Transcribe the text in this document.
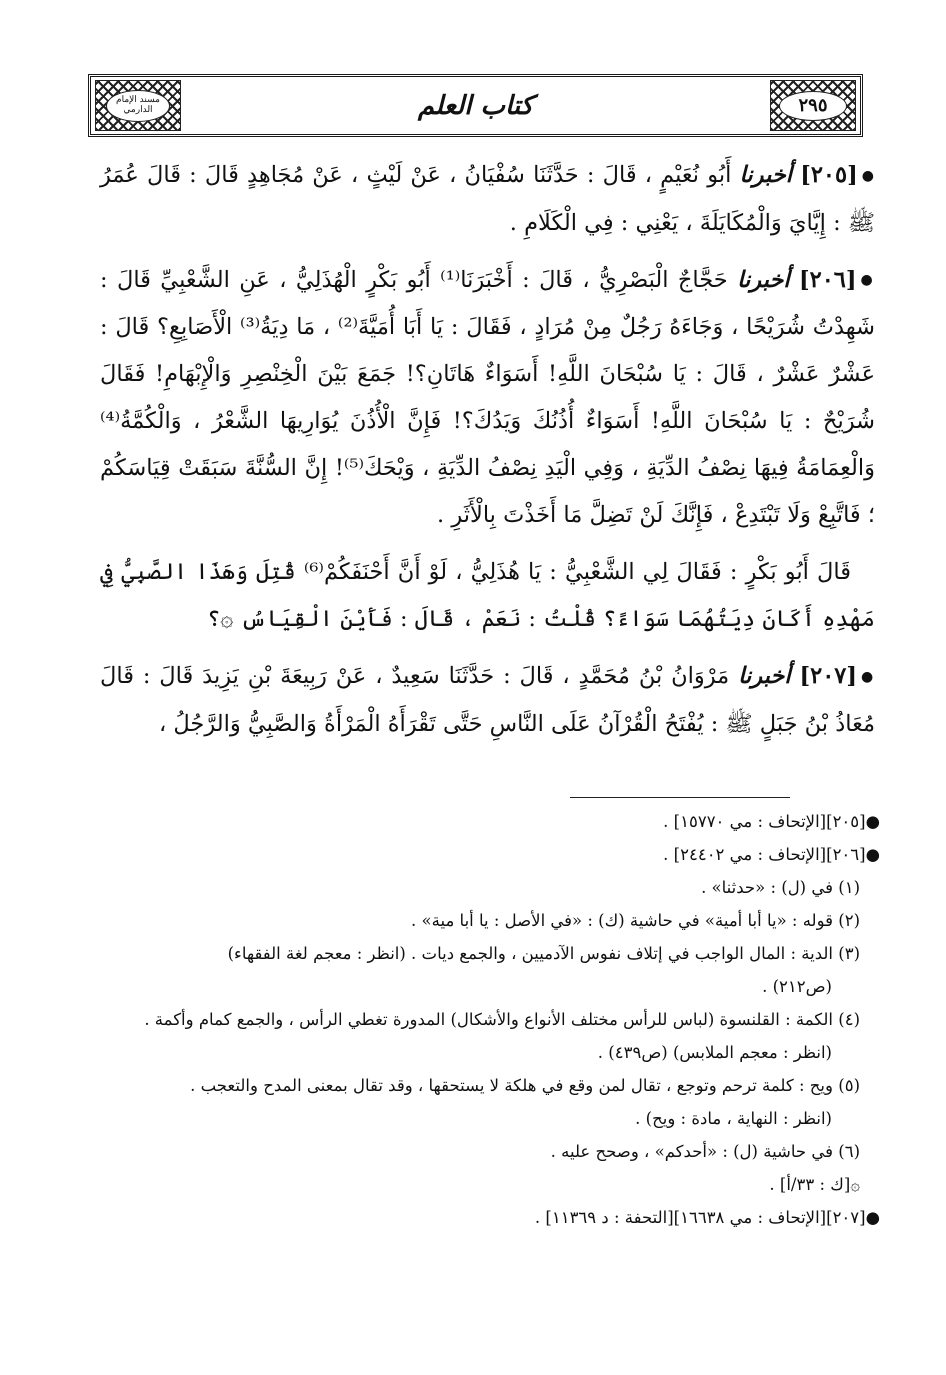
مسند الإمام الدارمي	كتاب العلم	٢٩٥

●[٢٠٥] أخبرنا أَبُو نُعَيْمٍ ، قَالَ : حَدَّثَنَا سُفْيَانُ ، عَنْ لَيْثٍ ، عَنْ مُجَاهِدٍ قَالَ : قَالَ عُمَرُ ﷺ : إِيَّايَ وَالْمُكَايَلَةَ ، يَعْنِي : فِي الْكَلَامِ .

●[٢٠٦] أخبرنا حَجَّاجٌ الْبَصْرِيُّ ، قَالَ : أَخْبَرَنَا⁽¹⁾ أَبُو بَكْرٍ الْهُذَلِيُّ ، عَنِ الشَّعْبِيِّ قَالَ : شَهِدْتُ شُرَيْحًا ، وَجَاءَهُ رَجُلٌ مِنْ مُرَادٍ ، فَقَالَ : يَا أَبَا أُمَيَّةَ⁽²⁾ ، مَا دِيَةُ⁽³⁾ الْأَصَابِعِ؟ قَالَ : عَشْرٌ عَشْرٌ ، قَالَ : يَا سُبْحَانَ اللَّهِ! أَسَوَاءٌ هَاتَانِ؟! جَمَعَ بَيْنَ الْخِنْصِرِ وَالْإِبْهَامِ! فَقَالَ شُرَيْحٌ : يَا سُبْحَانَ اللَّهِ! أَسَوَاءٌ أُذُنُكَ وَيَدُكَ؟! فَإِنَّ الْأُذُنَ يُوَارِيهَا الشَّعْرُ ، وَالْكُمَّةُ⁽⁴⁾ وَالْعِمَامَةُ فِيهَا نِصْفُ الدِّيَةِ ، وَفِي الْيَدِ نِصْفُ الدِّيَةِ ، وَيْحَكَ⁽⁵⁾! إِنَّ السُّنَّةَ سَبَقَتْ قِيَاسَكُمْ ؛ فَاتَّبِعْ وَلَا تَبْتَدِعْ ، فَإِنَّكَ لَنْ تَضِلَّ مَا أَخَذْتَ بِالْأَثَرِ .

قَالَ أَبُو بَكْرٍ : فَقَالَ لِي الشَّعْبِيُّ : يَا هُذَلِيُّ ، لَوْ أَنَّ أَحْنَفَكُمْ⁽⁶⁾ قُتِلَ وَهَذَا الصَّبِيُّ فِي مَهْدِهِ أَكَانَ دِيَتُهُمَا سَوَاءً؟ قُلْتُ : نَعَمْ ، قَالَ : فَأَيْنَ الْقِيَاسُ ۞؟

●[٢٠٧] أخبرنا مَرْوَانُ بْنُ مُحَمَّدٍ ، قَالَ : حَدَّثَنَا سَعِيدٌ ، عَنْ رَبِيعَةَ بْنِ يَزِيدَ قَالَ : قَالَ مُعَاذُ بْنُ جَبَلٍ ﷺ : يُفْتَحُ الْقُرْآنُ عَلَى النَّاسِ حَتَّى تَقْرَأَهُ الْمَرْأَةُ وَالصَّبِيُّ وَالرَّجُلُ ،

●[٢٠٥][الإتحاف : مي ١٥٧٧٠] .
●[٢٠٦][الإتحاف : مي ٢٤٤٠٢] .
(١) في (ل) : «حدثنا» .
(٢) قوله : «يا أبا أمية» في حاشية (ك) : «في الأصل : يا أبا مية» .
(٣) الدية : المال الواجب في إتلاف نفوس الآدميين ، والجمع ديات . (انظر : معجم لغة الفقهاء)
(ص٢١٢) .
(٤) الكمة : القلنسوة (لباس للرأس مختلف الأنواع والأشكال) المدورة تغطي الرأس ، والجمع كمام وأكمة .
(انظر : معجم الملابس) (ص٤٣٩) .
(٥) ويح : كلمة ترحم وتوجع ، تقال لمن وقع في هلكة لا يستحقها ، وقد تقال بمعنى المدح والتعجب .
(انظر : النهاية ، مادة : ويح) .
(٦) في حاشية (ل) : «أحدكم» ، وصحح عليه .
۞[ك : ٣٣/أ] .
●[٢٠٧][الإتحاف : مي ١٦٦٣٨][التحفة : د ١١٣٦٩] .
